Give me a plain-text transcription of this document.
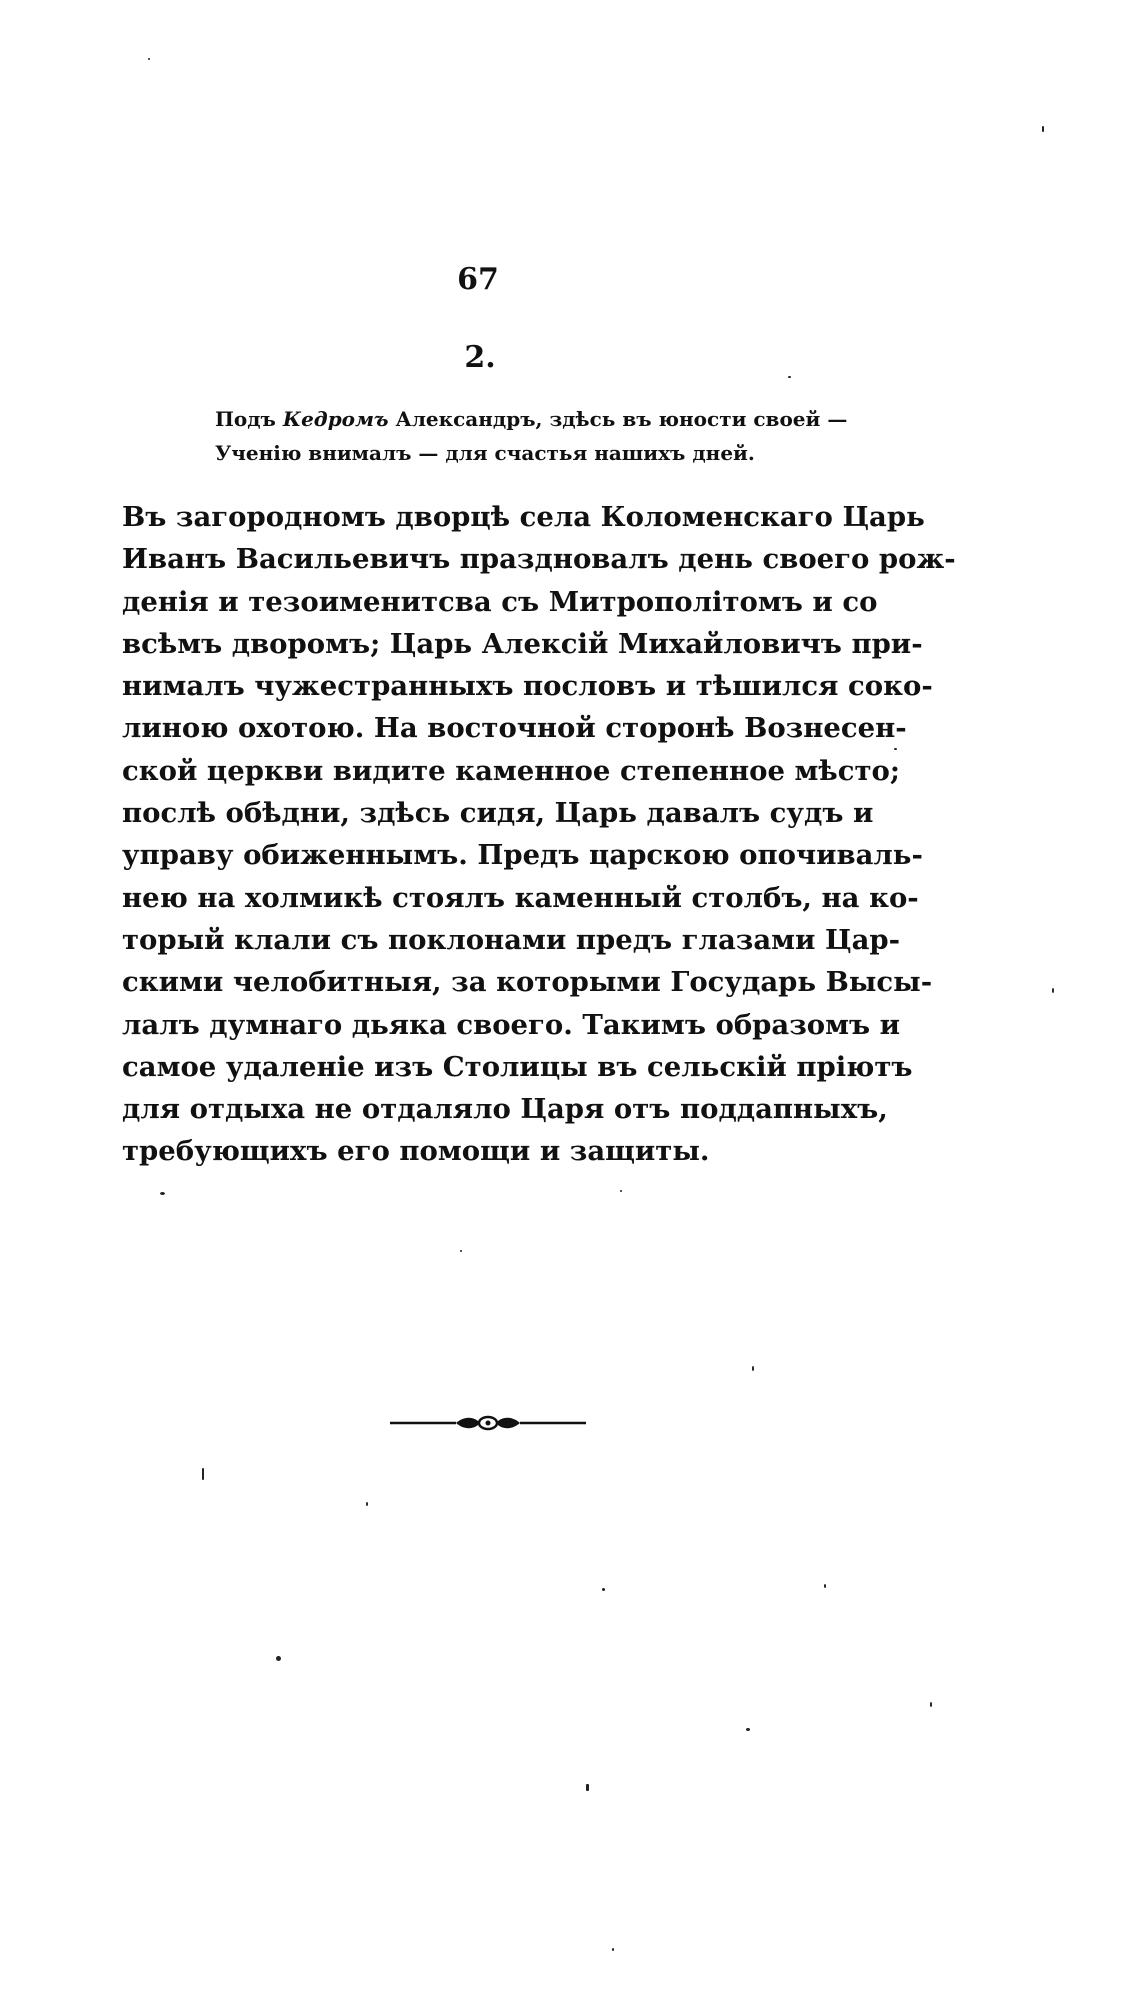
67
2.
Подъ Кедромъ Александръ, здѣсь въ юности своей —
Ученію внималъ — для счастья нашихъ дней.
Въ загородномъ дворцѣ села Коломенскаго Царь
Иванъ Васильевичъ праздновалъ день своего рож-
денія и тезоименитсва съ Митрополітомъ и со
всѣмъ дворомъ; Царь Алексій Михайловичъ при-
нималъ чужестранныхъ пословъ и тѣшился соко-
линою охотою. На восточной сторонѣ Вознесен-
ской церкви видите каменное степенное мѣсто;
послѣ обѣдни, здѣсь сидя, Царь давалъ судъ и
управу обиженнымъ. Предъ царскою опочиваль-
нею на холмикѣ стоялъ каменный столбъ, на ко-
торый клали съ поклонами предъ глазами Цар-
скими челобитныя, за которыми Государь Высы-
лалъ думнаго дьяка своего. Такимъ образомъ и
самое удаленіе изъ Столицы въ сельскій пріютъ
для отдыха не отдаляло Царя отъ поддапныхъ,
требующихъ его помощи и защиты.
